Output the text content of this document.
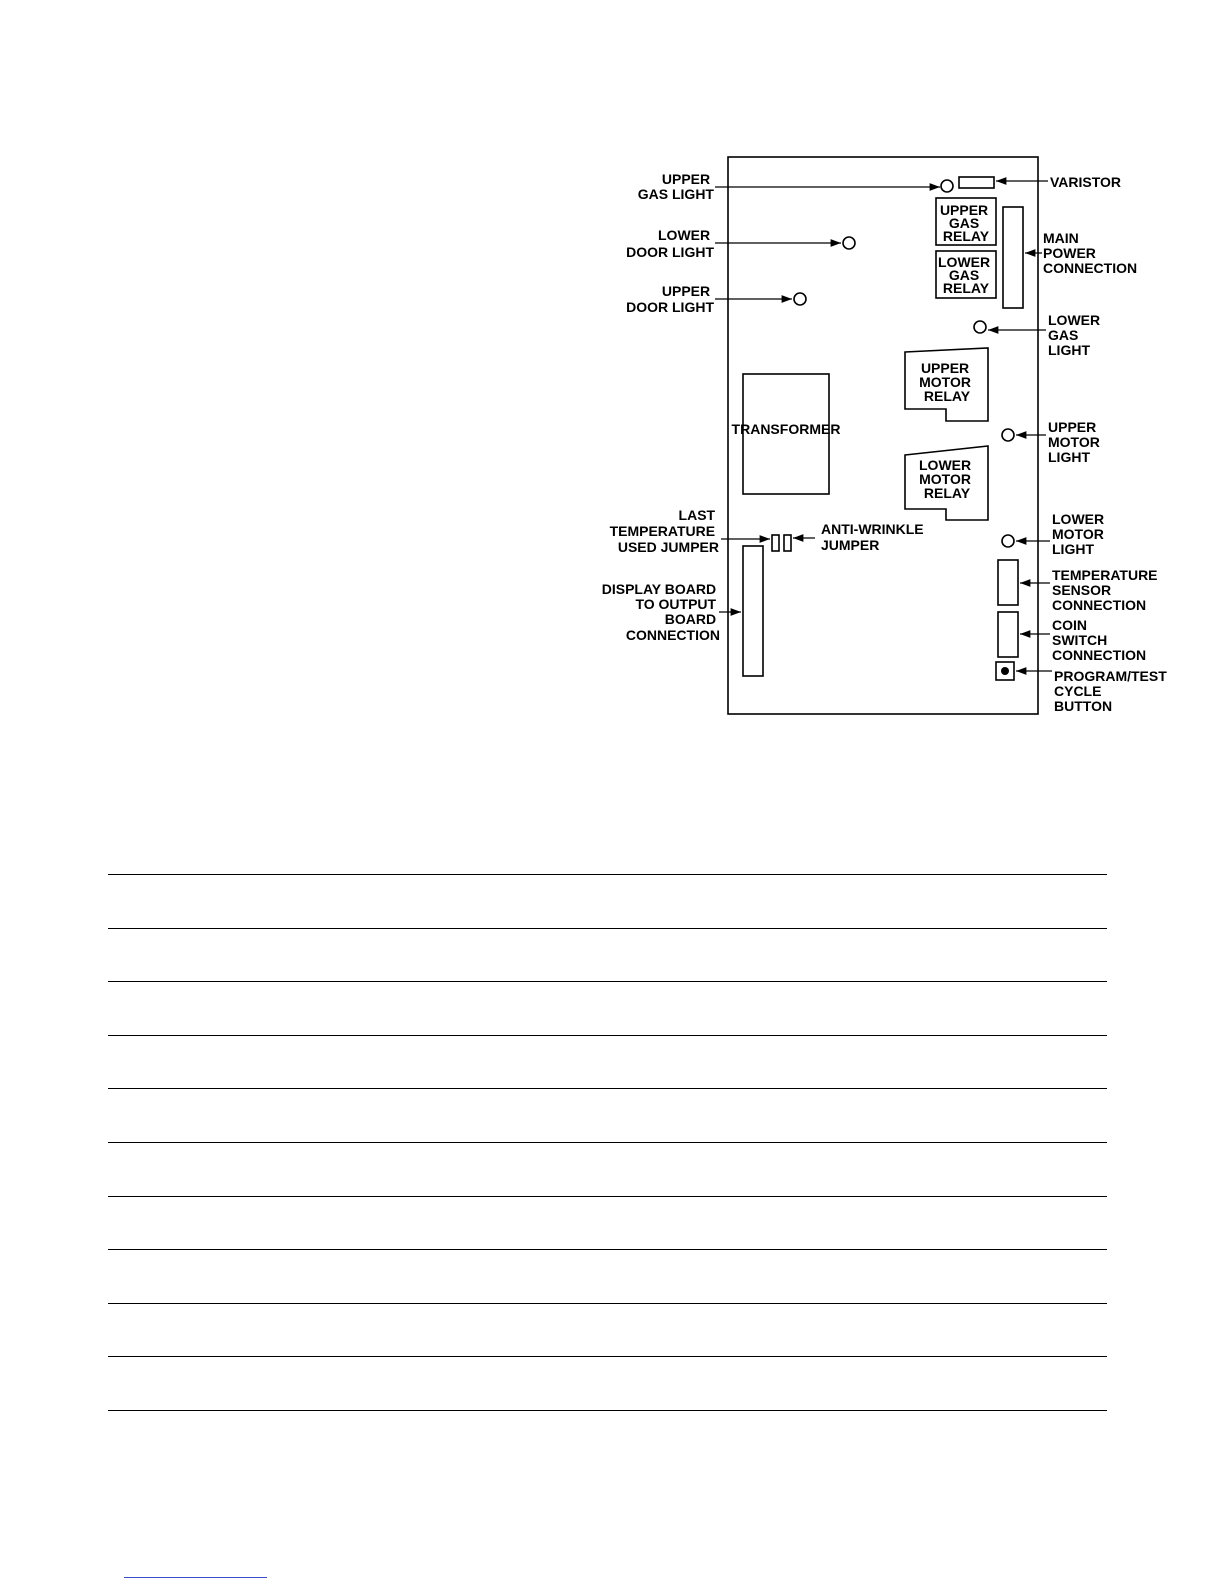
UPPER GAS LIGHT
LOWER DOOR LIGHT
UPPER DOOR LIGHT
LAST TEMPERATURE USED JUMPER
DISPLAY BOARD TO OUTPUT BOARD CONNECTION
ANTI-WRINKLE JUMPER
VARISTOR
MAIN POWER CONNECTION
LOWER GAS LIGHT
UPPER MOTOR LIGHT
LOWER MOTOR LIGHT
TEMPERATURE SENSOR CONNECTION
COIN SWITCH CONNECTION
PROGRAM/TEST CYCLE BUTTON
TRANSFORMER
UPPER GAS RELAY
LOWER GAS RELAY
UPPER MOTOR RELAY
LOWER MOTOR RELAY
